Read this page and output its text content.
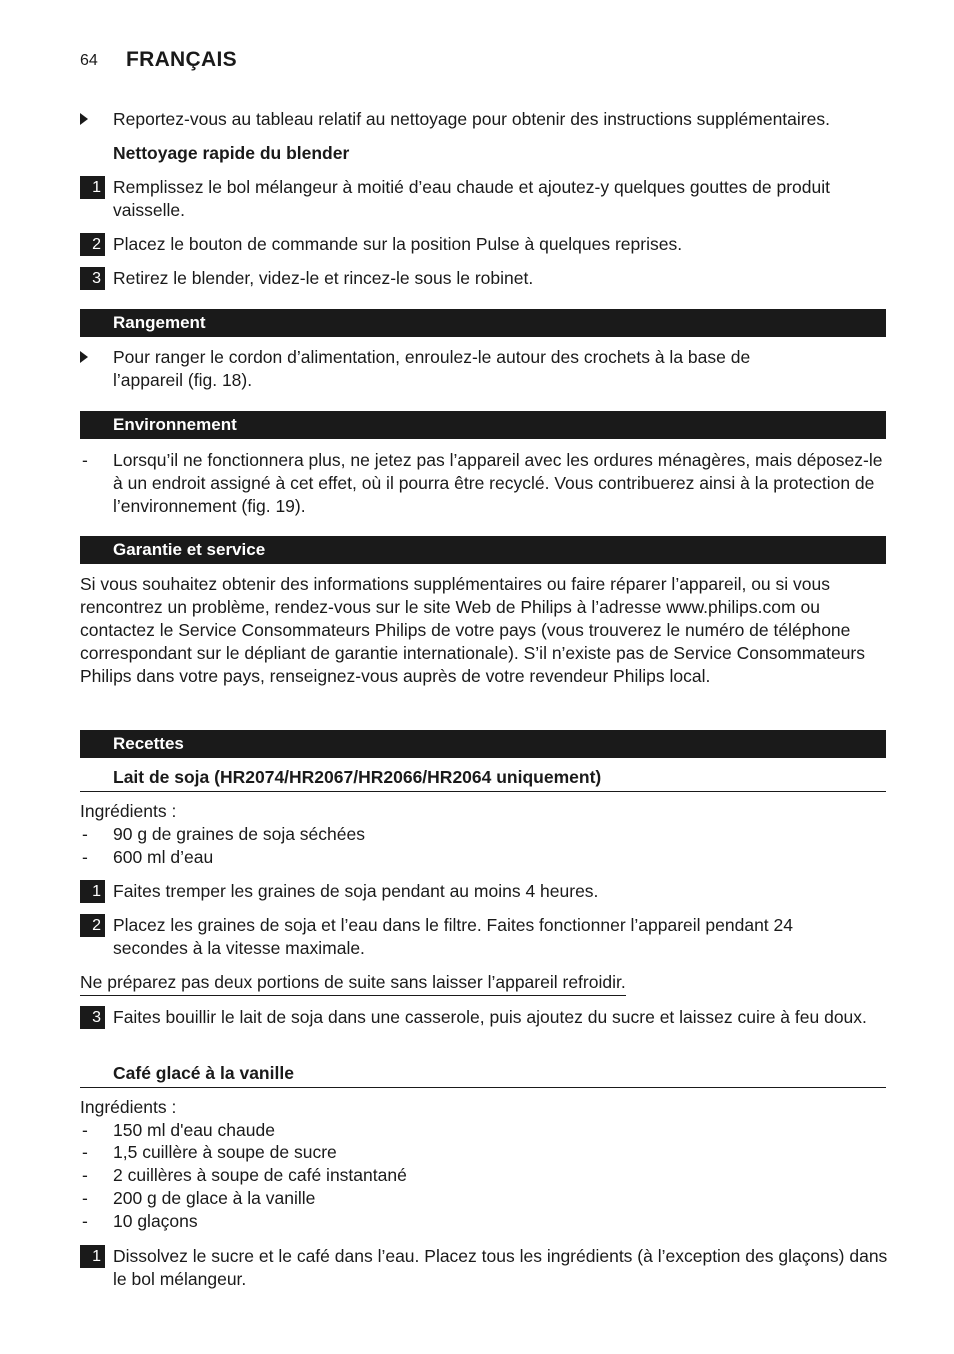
64 FRANÇAIS
Reportez-vous au tableau relatif au nettoyage pour obtenir des instructions supplémentaires.
Nettoyage rapide du blender
1 Remplissez le bol mélangeur à moitié d’eau chaude et ajoutez-y quelques gouttes de produit vaisselle.
2 Placez le bouton de commande sur la position Pulse à quelques reprises.
3 Retirez le blender, videz-le et rincez-le sous le robinet.
Rangement
Pour ranger le cordon d’alimentation, enroulez-le autour des crochets à la base de l’appareil (fig. 18).
Environnement
-	Lorsqu’il ne fonctionnera plus, ne jetez pas l’appareil avec les ordures ménagères, mais déposez-le à un endroit assigné à cet effet, où il pourra être recyclé. Vous contribuerez ainsi à la protection de l’environnement (fig. 19).
Garantie et service
Si vous souhaitez obtenir des informations supplémentaires ou faire réparer l’appareil, ou si vous rencontrez un problème, rendez-vous sur le site Web de Philips à l’adresse www.philips.com ou contactez le Service Consommateurs Philips de votre pays (vous trouverez le numéro de téléphone correspondant sur le dépliant de garantie internationale). S’il n’existe pas de Service Consommateurs Philips dans votre pays, renseignez-vous auprès de votre revendeur Philips local.
Recettes
Lait de soja (HR2074/HR2067/HR2066/HR2064 uniquement)
Ingrédients :
-	90 g de graines de soja séchées
-	600 ml d’eau
1 Faites tremper les graines de soja pendant au moins 4 heures.
2 Placez les graines de soja et l’eau dans le filtre. Faites fonctionner l’appareil pendant 24 secondes à la vitesse maximale.
Ne préparez pas deux portions de suite sans laisser l’appareil refroidir.
3 Faites bouillir le lait de soja dans une casserole, puis ajoutez du sucre et laissez cuire à feu doux.
Café glacé à la vanille
Ingrédients :
-	150 ml d'eau chaude
-	1,5 cuillère à soupe de sucre
-	2 cuillères à soupe de café instantané
-	200 g de glace à la vanille
-	10 glaçons
1 Dissolvez le sucre et le café dans l’eau. Placez tous les ingrédients (à l’exception des glaçons) dans le bol mélangeur.
